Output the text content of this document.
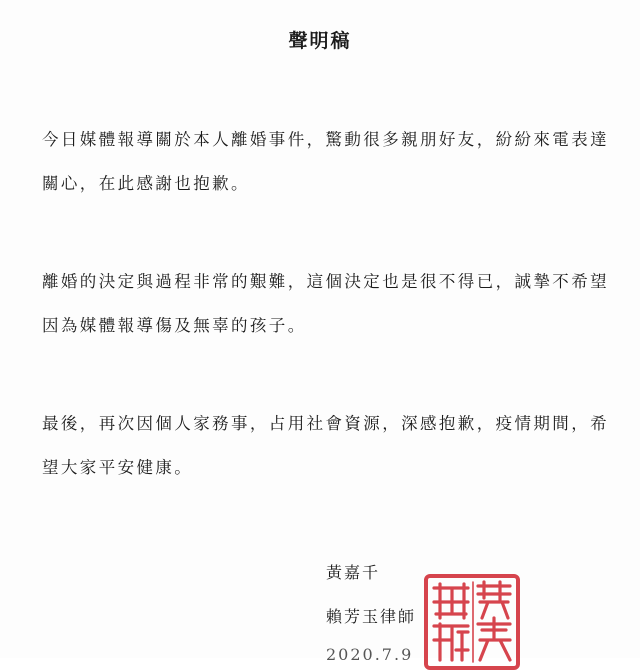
聲明稿
今日媒體報導關於本人離婚事件，驚動很多親朋好友，紛紛來電表達
關心，在此感謝也抱歉。
離婚的決定與過程非常的艱難，這個決定也是很不得已，誠摯不希望
因為媒體報導傷及無辜的孩子。
最後，再次因個人家務事，占用社會資源，深感抱歉，疫情期間，希
望大家平安健康。
黃嘉千
賴芳玉律師
2020.7.9
